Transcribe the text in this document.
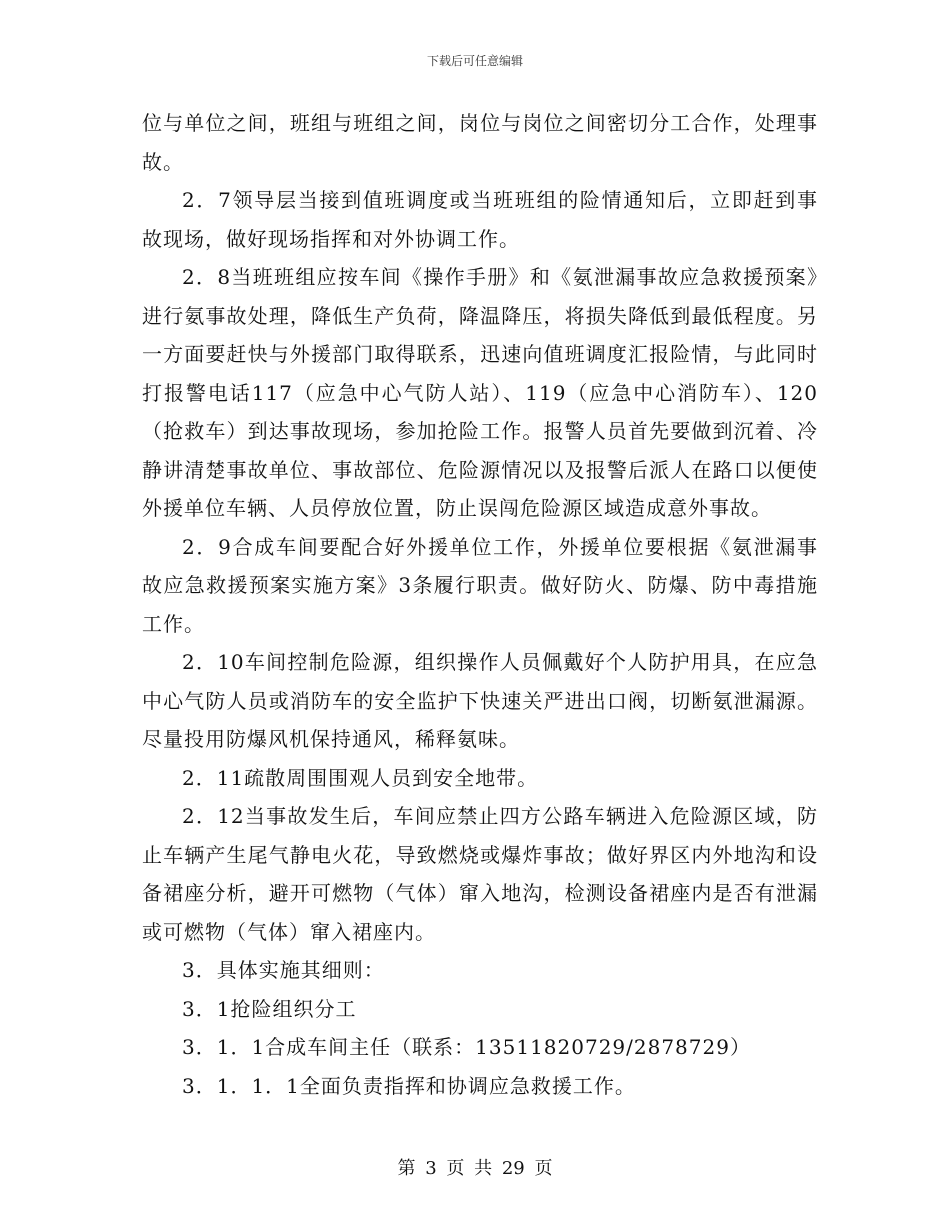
下载后可任意编辑

位与单位之间，班组与班组之间，岗位与岗位之间密切分工合作，处理事故。

2．7领导层当接到值班调度或当班班组的险情通知后，立即赶到事故现场，做好现场指挥和对外协调工作。

2．8当班班组应按车间《操作手册》和《氨泄漏事故应急救援预案》进行氨事故处理，降低生产负荷，降温降压，将损失降低到最低程度。另一方面要赶快与外援部门取得联系，迅速向值班调度汇报险情，与此同时打报警电话117（应急中心气防人站）、119（应急中心消防车）、120（抢救车）到达事故现场，参加抢险工作。报警人员首先要做到沉着、冷静讲清楚事故单位、事故部位、危险源情况以及报警后派人在路口以便使外援单位车辆、人员停放位置，防止误闯危险源区域造成意外事故。

2．9合成车间要配合好外援单位工作，外援单位要根据《氨泄漏事故应急救援预案实施方案》3条履行职责。做好防火、防爆、防中毒措施工作。

2．10车间控制危险源，组织操作人员佩戴好个人防护用具，在应急中心气防人员或消防车的安全监护下快速关严进出口阀，切断氨泄漏源。尽量投用防爆风机保持通风，稀释氨味。

2．11疏散周围围观人员到安全地带。

2．12当事故发生后，车间应禁止四方公路车辆进入危险源区域，防止车辆产生尾气静电火花，导致燃烧或爆炸事故；做好界区内外地沟和设备裙座分析，避开可燃物（气体）窜入地沟，检测设备裙座内是否有泄漏或可燃物（气体）窜入裙座内。

3．具体实施其细则：

3．1抢险组织分工

3．1．1合成车间主任（联系：13511820729/2878729）

3．1．1．1全面负责指挥和协调应急救援工作。

第 3 页 共 29 页
